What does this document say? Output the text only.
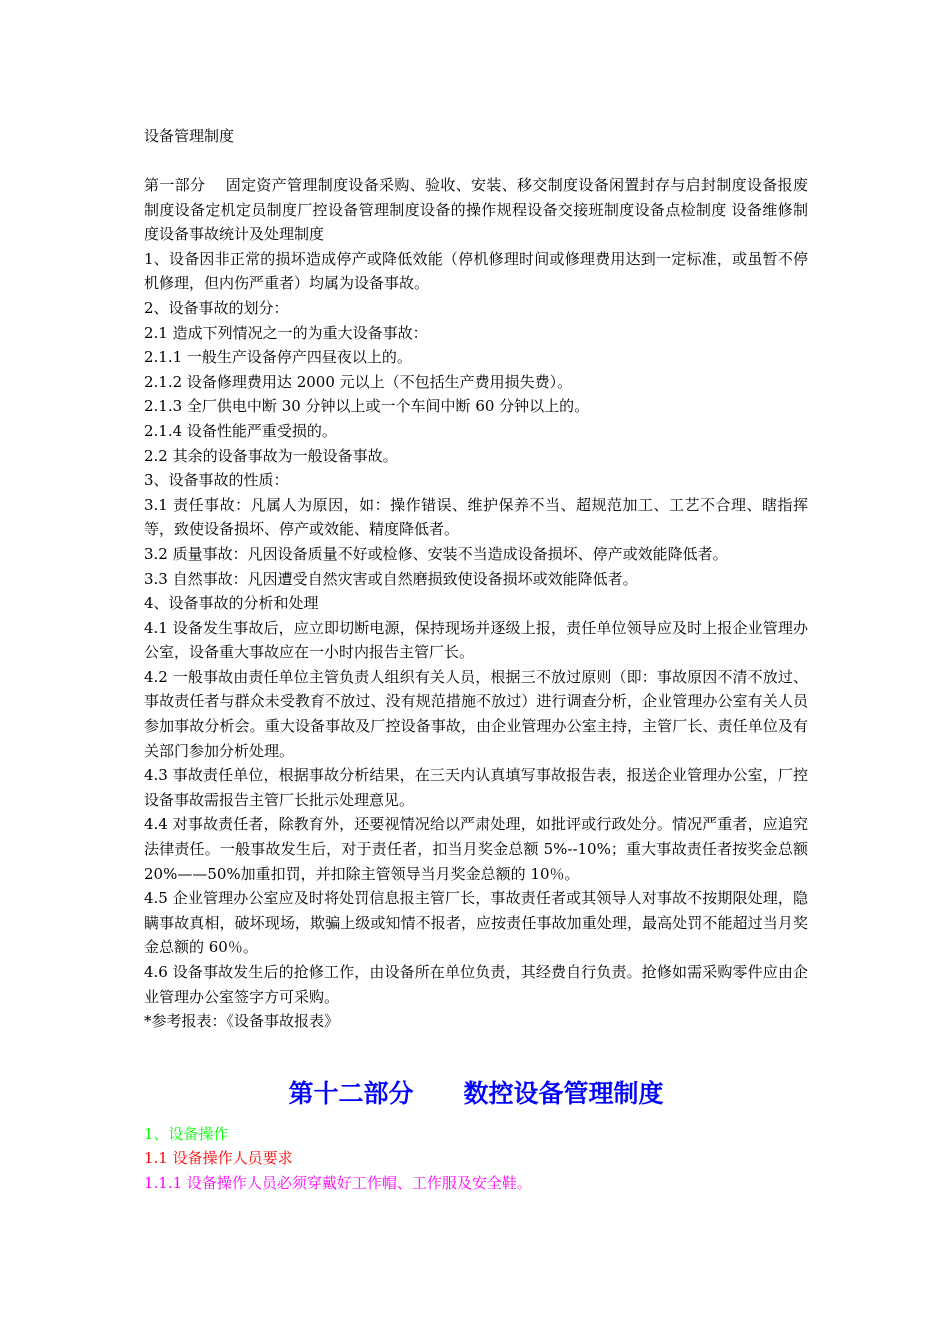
设备管理制度

第一部分　 固定资产管理制度设备采购、验收、安装、移交制度设备闲置封存与启封制度设备报废制度设备定机定员制度厂控设备管理制度设备的操作规程设备交接班制度设备点检制度 设备维修制度设备事故统计及处理制度

1、设备因非正常的损坏造成停产或降低效能（停机修理时间或修理费用达到一定标准，或虽暂不停机修理，但内伤严重者）均属为设备事故。

2、设备事故的划分：

2.1 造成下列情况之一的为重大设备事故：

2.1.1 一般生产设备停产四昼夜以上的。

2.1.2 设备修理费用达 2000 元以上（不包括生产费用损失费）。

2.1.3 全厂供电中断 30 分钟以上或一个车间中断 60 分钟以上的。

2.1.4 设备性能严重受损的。

2.2 其余的设备事故为一般设备事故。

3、设备事故的性质：

3.1 责任事故：凡属人为原因，如：操作错误、维护保养不当、超规范加工、工艺不合理、瞎指挥等，致使设备损坏、停产或效能、精度降低者。

3.2 质量事故：凡因设备质量不好或检修、安装不当造成设备损坏、停产或效能降低者。

3.3 自然事故：凡因遭受自然灾害或自然磨损致使设备损坏或效能降低者。

4、设备事故的分析和处理

4.1 设备发生事故后，应立即切断电源，保持现场并逐级上报，责任单位领导应及时上报企业管理办公室，设备重大事故应在一小时内报告主管厂长。

4.2 一般事故由责任单位主管负责人组织有关人员，根据三不放过原则（即：事故原因不清不放过、事故责任者与群众未受教育不放过、没有规范措施不放过）进行调查分析，企业管理办公室有关人员参加事故分析会。重大设备事故及厂控设备事故，由企业管理办公室主持，主管厂长、责任单位及有关部门参加分析处理。

4.3 事故责任单位，根据事故分析结果，在三天内认真填写事故报告表，报送企业管理办公室，厂控设备事故需报告主管厂长批示处理意见。

4.4 对事故责任者，除教育外，还要视情况给以严肃处理，如批评或行政处分。情况严重者，应追究法律责任。一般事故发生后，对于责任者，扣当月奖金总额 5%--10%；重大事故责任者按奖金总额 20%——50%加重扣罚，并扣除主管领导当月奖金总额的 10％。

4.5 企业管理办公室应及时将处罚信息报主管厂长，事故责任者或其领导人对事故不按期限处理，隐瞒事故真相，破坏现场，欺骗上级或知情不报者，应按责任事故加重处理，最高处罚不能超过当月奖金总额的 60％。

4.6 设备事故发生后的抢修工作，由设备所在单位负责，其经费自行负责。抢修如需采购零件应由企业管理办公室签字方可采购。

*参考报表：《设备事故报表》

第十二部分　　数控设备管理制度

1、设备操作

1.1 设备操作人员要求

1.1.1 设备操作人员必须穿戴好工作帽、工作服及安全鞋。
